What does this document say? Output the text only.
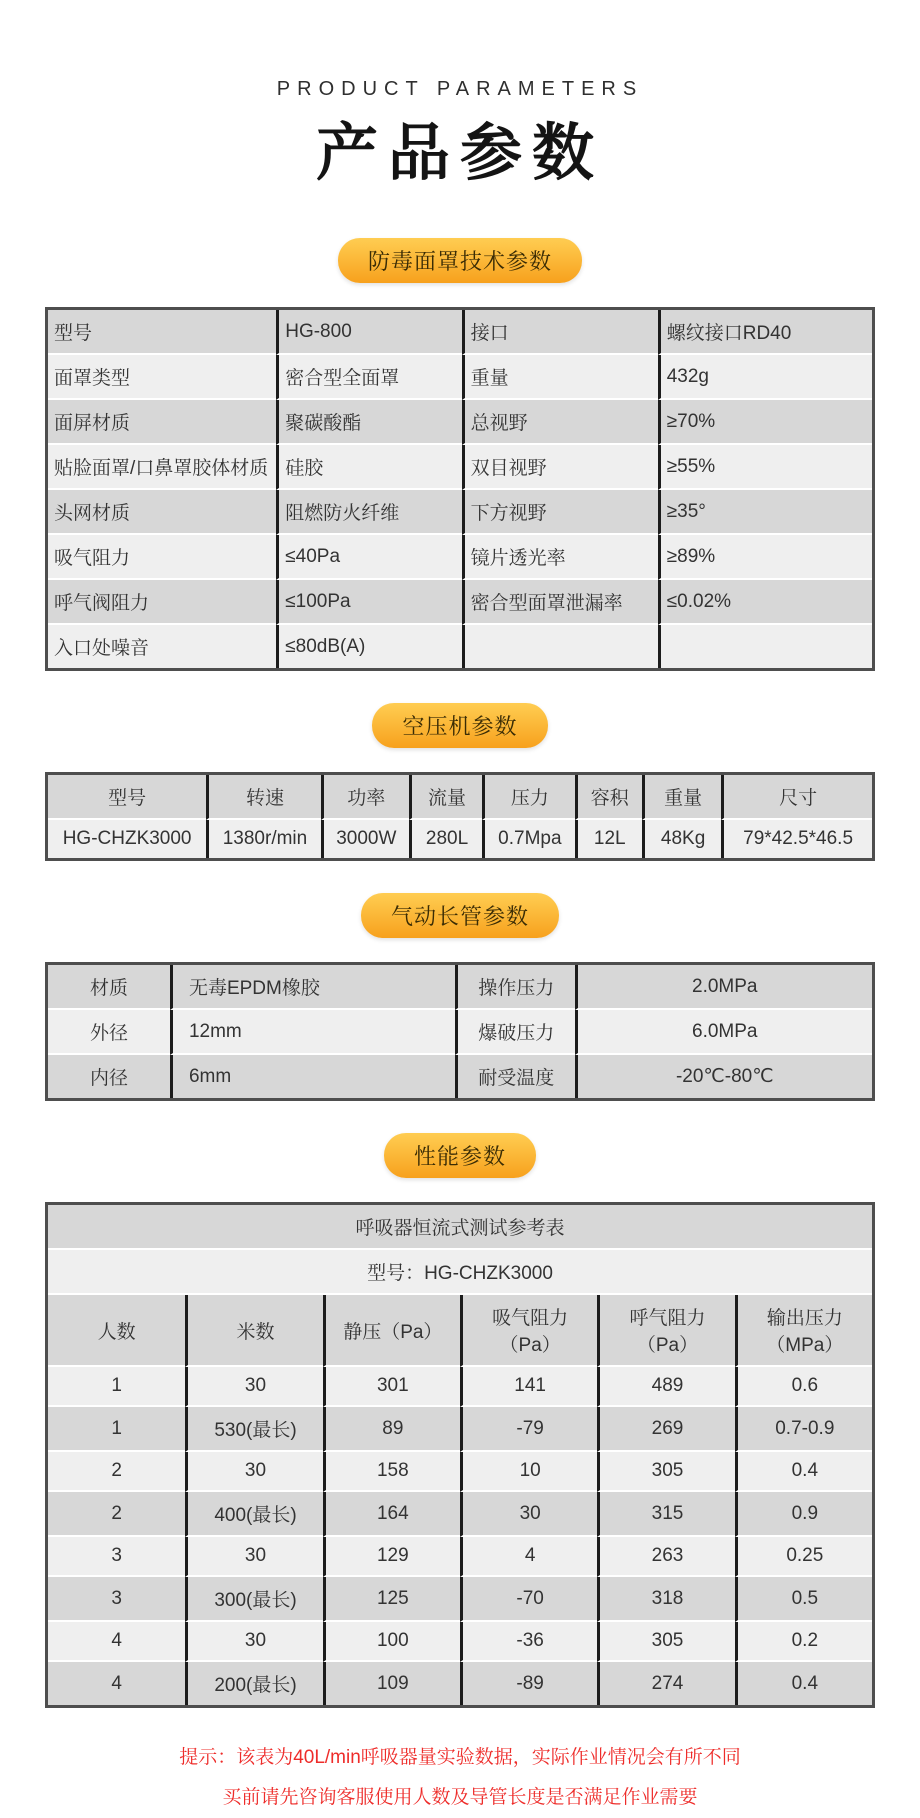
PRODUCT PARAMETERS
产品参数
防毒面罩技术参数
型号	HG-800	接口	螺纹接口RD40
面罩类型	密合型全面罩	重量	432g
面屏材质	聚碳酸酯	总视野	≥70%
贴脸面罩/口鼻罩胶体材质	硅胶	双目视野	≥55%
头网材质	阻燃防火纤维	下方视野	≥35°
吸气阻力	≤40Pa	镜片透光率	≥89%
呼气阀阻力	≤100Pa	密合型面罩泄漏率	≤0.02%
入口处噪音	≤80dB(A)		
空压机参数
型号	转速	功率	流量	压力	容积	重量	尺寸
HG-CHZK3000	1380r/min	3000W	280L	0.7Mpa	12L	48Kg	79*42.5*46.5
气动长管参数
材质	无毒EPDM橡胶	操作压力	2.0MPa
外径	12mm	爆破压力	6.0MPa
内径	6mm	耐受温度	-20℃-80℃
性能参数
呼吸器恒流式测试参考表					
型号：HG-CHZK3000					
人数	米数	静压（Pa）	吸气阻力（Pa）	呼气阻力（Pa）	输出压力（MPa）
1	30	301	141	489	0.6
1	530(最长)	89	-79	269	0.7-0.9
2	30	158	10	305	0.4
2	400(最长)	164	30	315	0.9
3	30	129	4	263	0.25
3	300(最长)	125	-70	318	0.5
4	30	100	-36	305	0.2
4	200(最长)	109	-89	274	0.4
提示：该表为40L/min呼吸器量实验数据，实际作业情况会有所不同
买前请先咨询客服使用人数及导管长度是否满足作业需要
